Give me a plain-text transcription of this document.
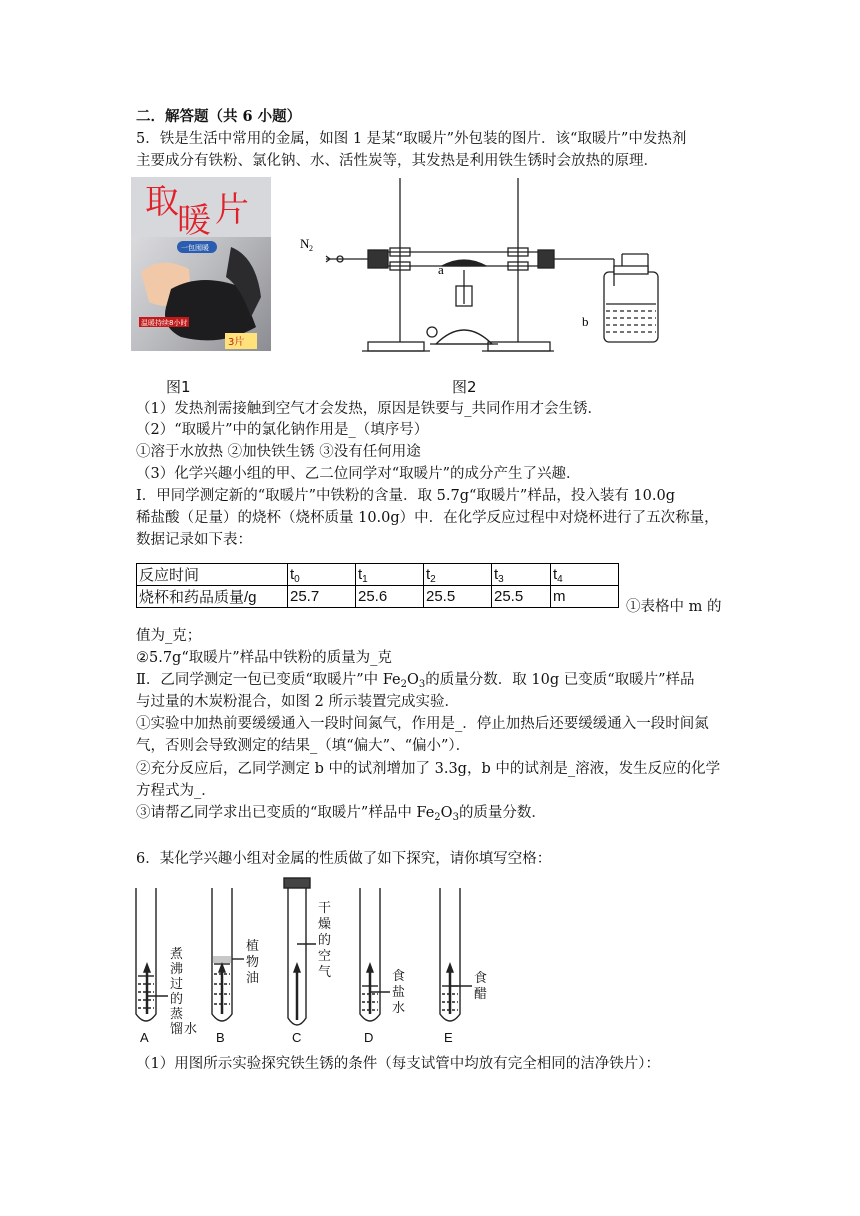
二．解答题（共 6 小题）
5．铁是生活中常用的金属，如图 1 是某“取暖片”外包装的图片．该“取暖片”中发热剂
主要成分有铁粉、氯化钠、水、活性炭等，其发热是利用铁生锈时会放热的原理．
取
暖 片
一包囤暖
温暖持续8小时
3片
N 2
a
b
图1	图2
（1）发热剂需接触到空气才会发热，原因是铁要与_共同作用才会生锈．
（2）“取暖片”中的氯化钠作用是_（填序号）
①溶于水放热 ②加快铁生锈 ③没有任何用途
（3）化学兴趣小组的甲、乙二位同学对“取暖片”的成分产生了兴趣．
Ⅰ．甲同学测定新的“取暖片”中铁粉的含量．取 5.7g“取暖片”样品，投入装有 10.0g
稀盐酸（足量）的烧杯（烧杯质量 10.0g）中．在化学反应过程中对烧杯进行了五次称量，
数据记录如下表：
反应时间	$t_0$	$t_1$	$t_2$	$t_3$	$t_4$
烧杯和药品质量/g	25.7	25.6	25.5	25.5	m
①表格中 m 的
值为_克；
②5.7g“取暖片”样品中铁粉的质量为_克
Ⅱ．乙同学测定一包已变质“取暖片”中 $Fe_2O_3$的质量分数．取 10g 已变质“取暖片”样品
与过量的木炭粉混合，如图 2 所示装置完成实验．
①实验中加热前要缓缓通入一段时间氮气，作用是_．停止加热后还要缓缓通入一段时间氮
气，否则会导致测定的结果_（填“偏大”、“偏小”）．
②充分反应后，乙同学测定 b 中的试剂增加了 3.3g，b 中的试剂是_溶液，发生反应的化学
方程式为_．
③请帮乙同学求出已变质的“取暖片”样品中 $Fe_2O_3$的质量分数．
6．某化学兴趣小组对金属的性质做了如下探究，请你填写空格：
煮
沸
过
的
蒸
馏 水
植
物
油
干
燥
的
空
气	食
盐
水
食
醋
A	B	C	D	E
（1）用图所示实验探究铁生锈的条件（每支试管中均放有完全相同的洁净铁片）：
